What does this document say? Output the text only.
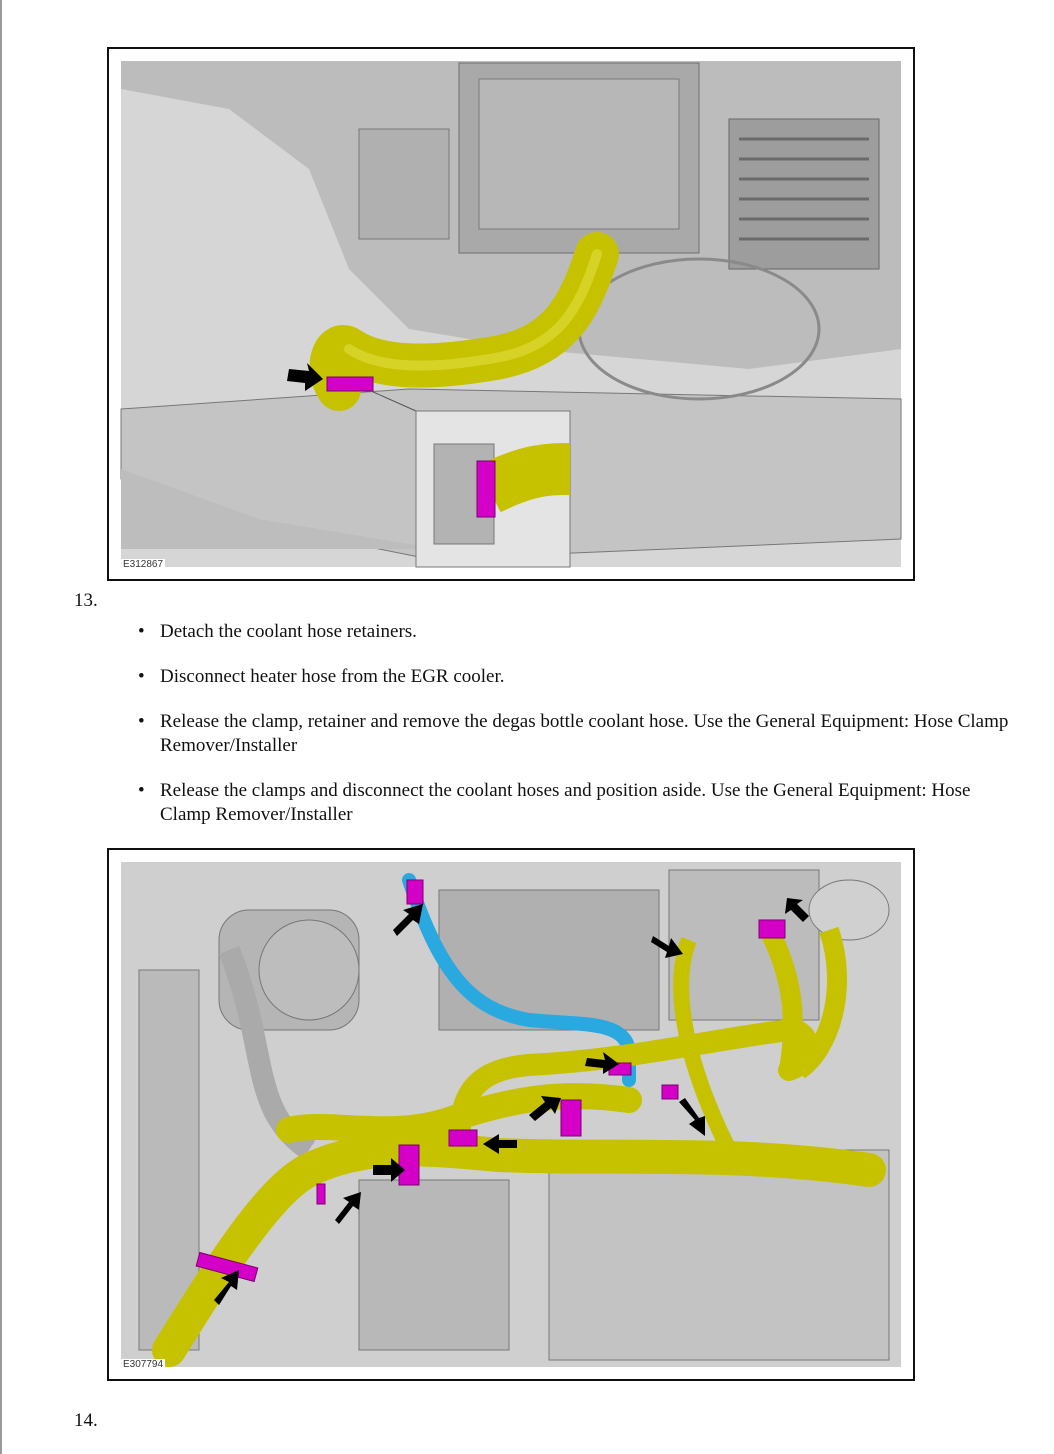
E312867
13.
• Detach the coolant hose retainers.
• Disconnect heater hose from the EGR cooler.
• Release the clamp, retainer and remove the degas bottle coolant hose. Use the General Equipment: Hose Clamp Remover/Installer
• Release the clamps and disconnect the coolant hoses and position aside. Use the General Equipment: Hose Clamp Remover/Installer
E307794
14.
